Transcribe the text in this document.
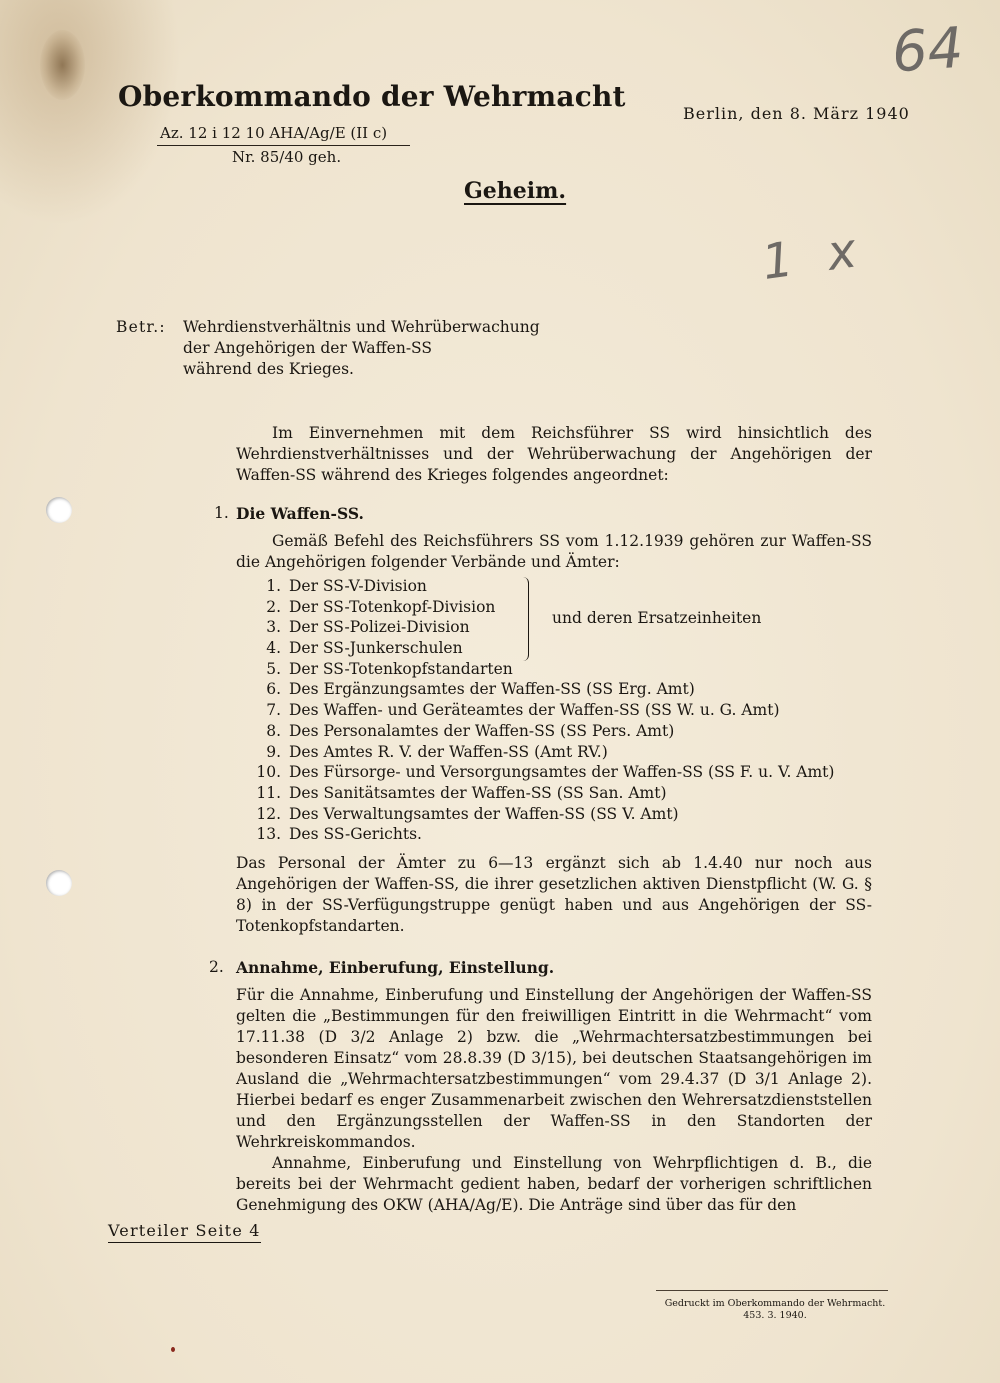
64
1 x
Oberkommando der Wehrmacht
Az. 12 i 12 10 AHA/Ag/E (II c)
Nr. 85/40 geh.
Berlin, den 8. März 1940
Geheim.
Betr.: Wehrdienstverhältnis und Wehrüberwachung
der Angehörigen der Waffen-SS
während des Krieges.
Im Einvernehmen mit dem Reichsführer SS wird hinsichtlich des Wehrdienstverhältnisses und der Wehrüberwachung der Angehörigen der Waffen-SS während des Krieges folgendes angeordnet:
1. Die Waffen-SS.
Gemäß Befehl des Reichsführers SS vom 1.12.1939 gehören zur Waffen-SS die Angehörigen folgender Verbände und Ämter:
1. Der SS-V-Division
2. Der SS-Totenkopf-Division
3. Der SS-Polizei-Division
4. Der SS-Junkerschulen
5. Der SS-Totenkopfstandarten
6. Des Ergänzungsamtes der Waffen-SS (SS Erg. Amt)
7. Des Waffen- und Geräteamtes der Waffen-SS (SS W. u. G. Amt)
8. Des Personalamtes der Waffen-SS (SS Pers. Amt)
9. Des Amtes R. V. der Waffen-SS (Amt RV.)
10. Des Fürsorge- und Versorgungsamtes der Waffen-SS (SS F. u. V. Amt)
11. Des Sanitätsamtes der Waffen-SS (SS San. Amt)
12. Des Verwaltungsamtes der Waffen-SS (SS V. Amt)
13. Des SS-Gerichts.
und deren Ersatzeinheiten
Das Personal der Ämter zu 6—13 ergänzt sich ab 1.4.40 nur noch aus Angehörigen der Waffen-SS, die ihrer gesetzlichen aktiven Dienstpflicht (W. G. § 8) in der SS-Verfügungstruppe genügt haben und aus Angehörigen der SS-Totenkopfstandarten.
2. Annahme, Einberufung, Einstellung.
Für die Annahme, Einberufung und Einstellung der Angehörigen der Waffen-SS gelten die „Bestimmungen für den freiwilligen Eintritt in die Wehrmacht“ vom 17.11.38 (D 3/2 Anlage 2) bzw. die „Wehrmachtersatzbestimmungen bei besonderen Einsatz“ vom 28.8.39 (D 3/15), bei deutschen Staatsangehörigen im Ausland die „Wehrmachtersatzbestimmungen“ vom 29.4.37 (D 3/1 Anlage 2). Hierbei bedarf es enger Zusammenarbeit zwischen den Wehrersatzdienststellen und den Ergänzungsstellen der Waffen-SS in den Standorten der Wehrkreiskommandos.
Annahme, Einberufung und Einstellung von Wehrpflichtigen d. B., die bereits bei der Wehrmacht gedient haben, bedarf der vorherigen schriftlichen Genehmigung des OKW (AHA/Ag/E). Die Anträge sind über das für den
Verteiler Seite 4
Gedruckt im Oberkommando der Wehrmacht.
453. 3. 1940.
